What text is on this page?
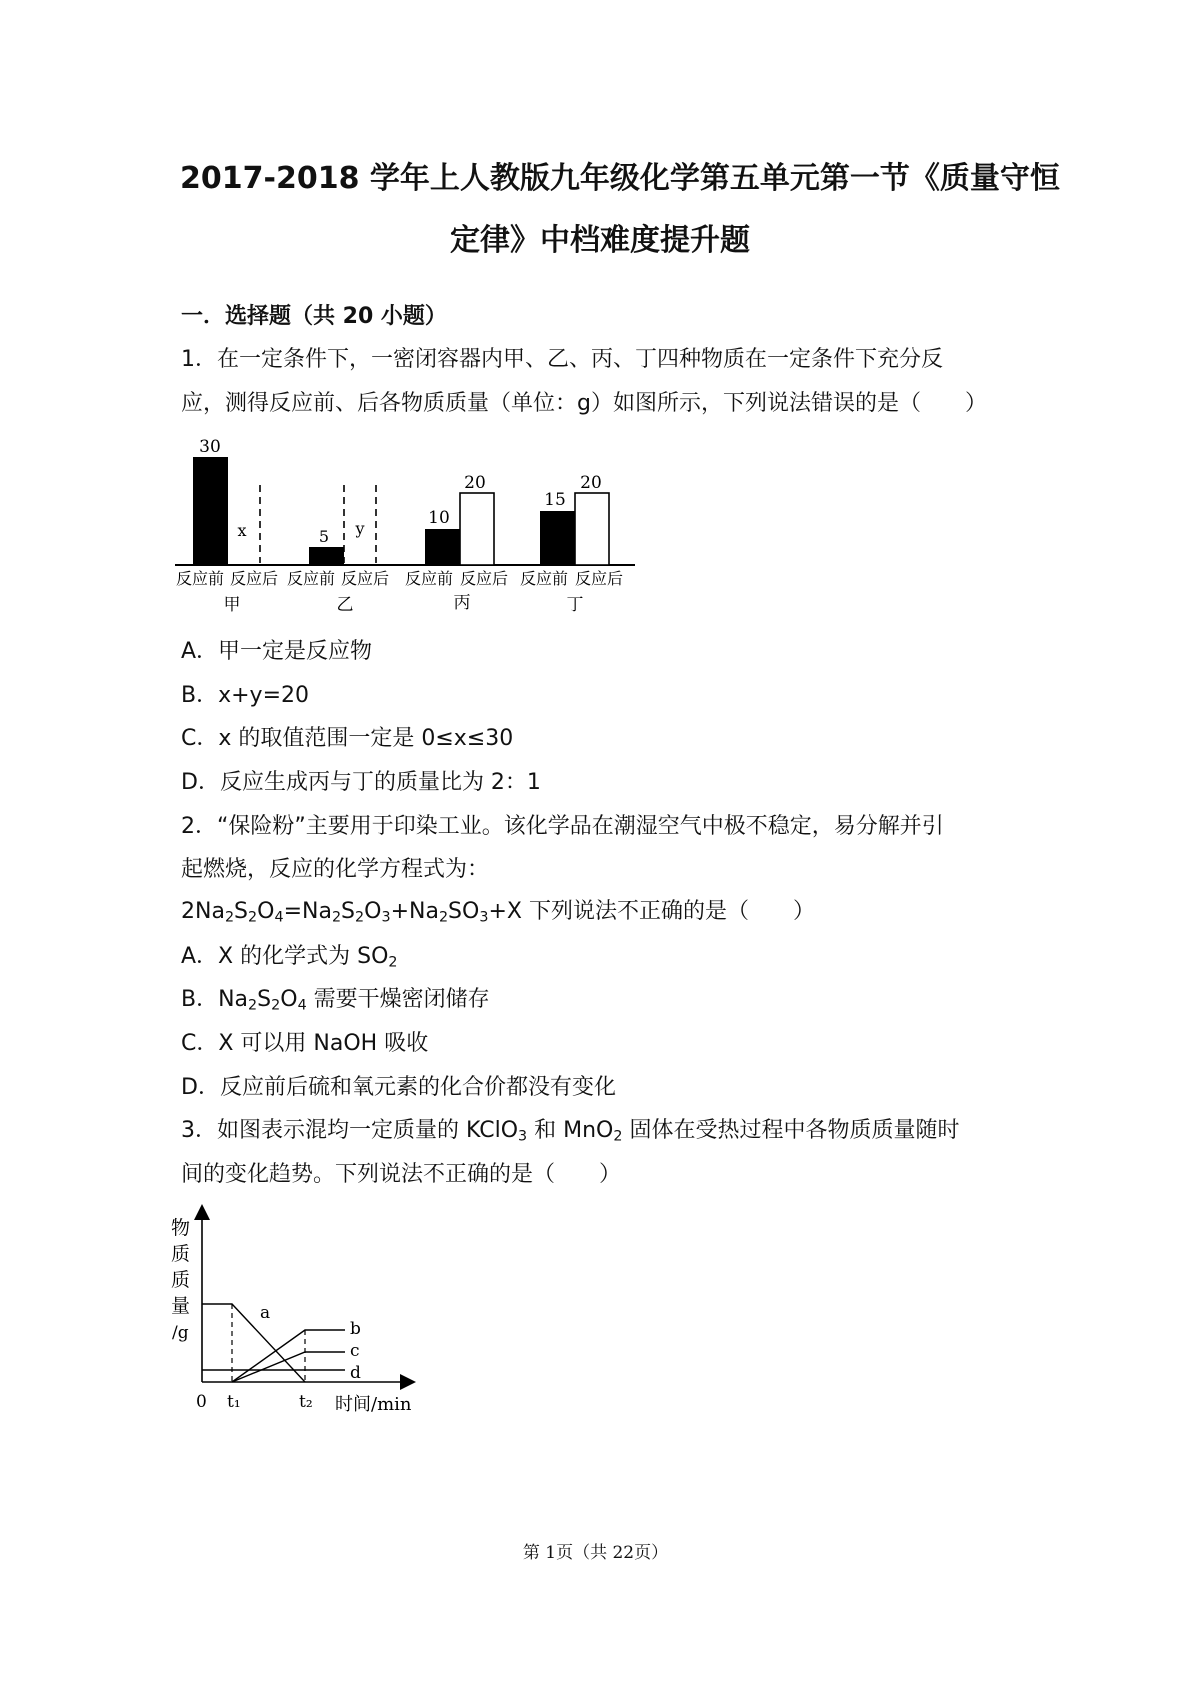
2017-2018 学年上人教版九年级化学第五单元第一节《质量守恒
定律》中档难度提升题
一．选择题（共 20 小题）
1．在一定条件下，一密闭容器内甲、乙、丙、丁四种物质在一定条件下充分反
应，测得反应前、后各物质质量（单位：g）如图所示，下列说法错误的是（　　）
30
x	5 y
10
20
15
20
反应前 反应后 反应前 反应后 反应前 反应后 反应前 反应后
甲	乙	丙	丁
A．甲一定是反应物
B．x+y=20
C．x 的取值范围一定是 0≤x≤30
D．反应生成丙与丁的质量比为 2：1
2．“保险粉”主要用于印染工业。该化学品在潮湿空气中极不稳定，易分解并引
起燃烧，反应的化学方程式为：
$2Na_2S_2O_4=Na_2S_2O_3+Na_2SO_3+X$ 下列说法不正确的是（　　）
A．X 的化学式为 $SO_2$
B．$Na_2S_2O_4$ 需要干燥密闭储存
C．X 可以用 NaOH 吸收
D．反应前后硫和氧元素的化合价都没有变化
3．如图表示混均一定质量的 KClO$_3$ 和 MnO$_2$ 固体在受热过程中各物质质量随时
间的变化趋势。下列说法不正确的是（　　）
物
质
质
量
/g
a
b
c
d
0 t₁	t₂ 时间/min
第 1页（共 22页）
